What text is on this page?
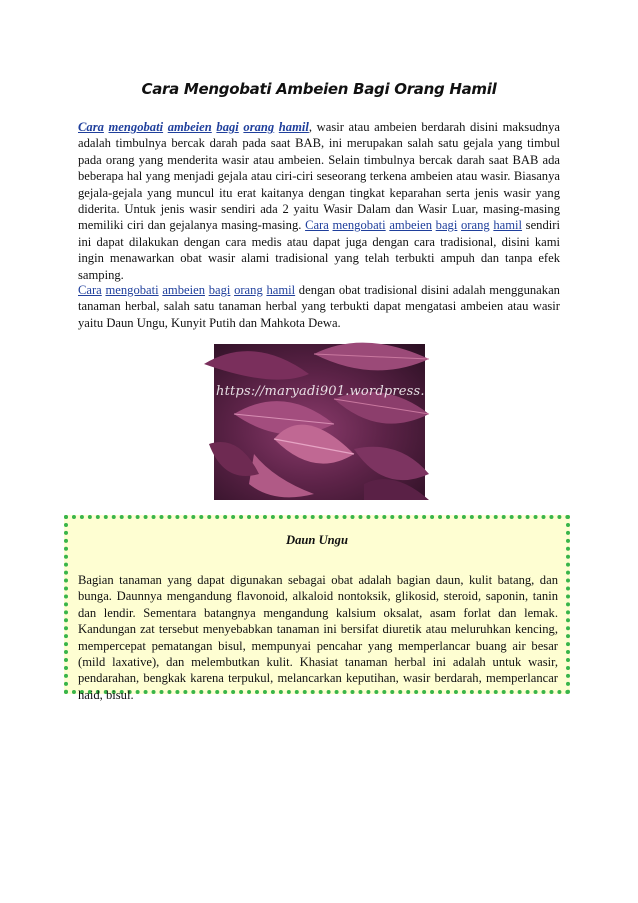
Cara Mengobati Ambeien Bagi Orang Hamil

Cara mengobati ambeien bagi orang hamil, wasir atau ambeien berdarah disini maksudnya adalah timbulnya bercak darah pada saat BAB, ini merupakan salah satu gejala yang timbul pada orang yang menderita wasir atau ambeien. Selain timbulnya bercak darah saat BAB ada beberapa hal yang menjadi gejala atau ciri-ciri seseorang terkena ambeien atau wasir. Biasanya gejala-gejala yang muncul itu erat kaitanya dengan tingkat keparahan serta jenis wasir yang diderita. Untuk jenis wasir sendiri ada 2 yaitu Wasir Dalam dan Wasir Luar, masing-masing memiliki ciri dan gejalanya masing-masing. Cara mengobati ambeien bagi orang hamil sendiri ini dapat dilakukan dengan cara medis atau dapat juga dengan cara tradisional, disini kami ingin menawarkan obat wasir alami tradisional yang telah terbukti ampuh dan tanpa efek samping.

Cara mengobati ambeien bagi orang hamil dengan obat tradisional disini adalah menggunakan tanaman herbal, salah satu tanaman herbal yang terbukti dapat mengatasi ambeien atau wasir yaitu Daun Ungu, Kunyit Putih dan Mahkota Dewa.

https://maryadi901.wordpress.com/
Daun Ungu

Bagian tanaman yang dapat digunakan sebagai obat adalah bagian daun, kulit batang, dan bunga. Daunnya mengandung flavonoid, alkaloid nontoksik, glikosid, steroid, saponin, tanin dan lendir. Sementara batangnya mengandung kalsium oksalat, asam forlat dan lemak. Kandungan zat tersebut menyebabkan tanaman ini bersifat diuretik atau meluruhkan kencing, mempercepat pematangan bisul, mempunyai pencahar yang memperlancar buang air besar (mild laxative), dan melembutkan kulit. Khasiat tanaman herbal ini adalah untuk wasir, pendarahan, bengkak karena terpukul, melancarkan keputihan, wasir berdarah, memperlancar haid, bisul.
